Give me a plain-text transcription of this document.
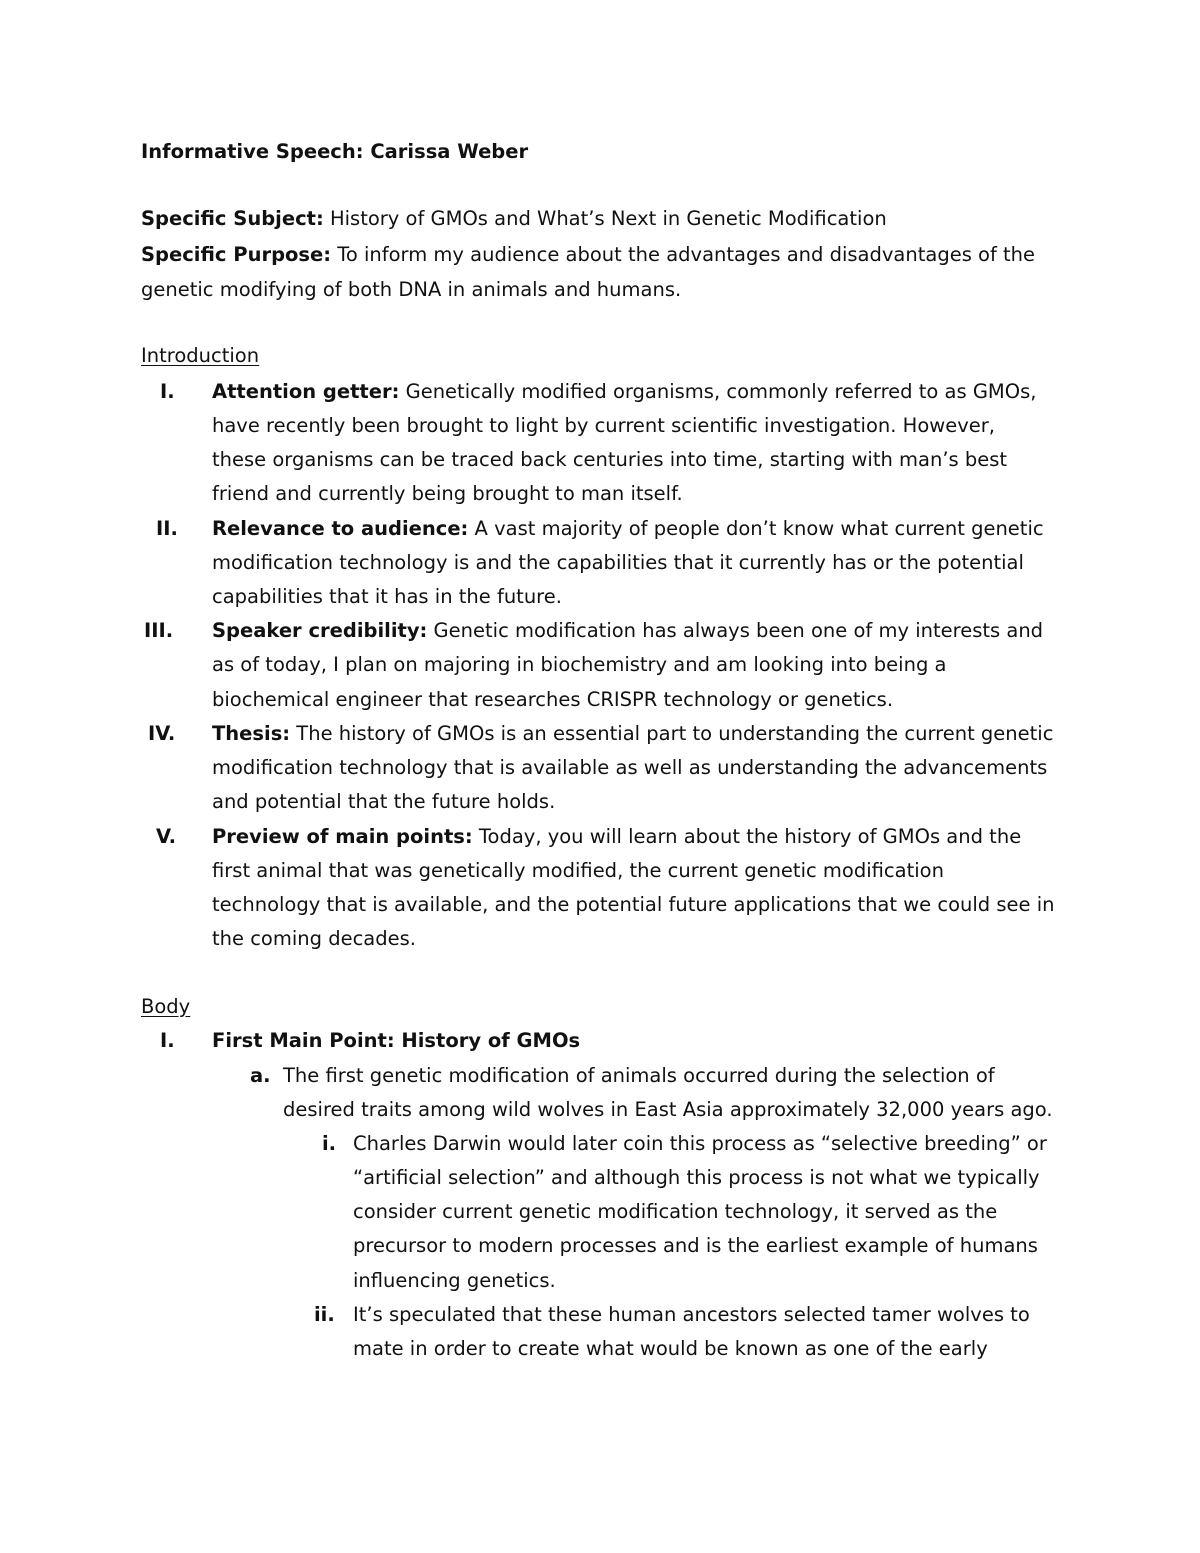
Informative Speech: Carissa Weber
Specific Subject: History of GMOs and What’s Next in Genetic Modification
Specific Purpose: To inform my audience about the advantages and disadvantages of the
genetic modifying of both DNA in animals and humans.
Introduction
I. Attention getter: Genetically modified organisms, commonly referred to as GMOs,
have recently been brought to light by current scientific investigation. However,
these organisms can be traced back centuries into time, starting with man’s best
friend and currently being brought to man itself.
II. Relevance to audience: A vast majority of people don’t know what current genetic
modification technology is and the capabilities that it currently has or the potential
capabilities that it has in the future.
III. Speaker credibility: Genetic modification has always been one of my interests and
as of today, I plan on majoring in biochemistry and am looking into being a
biochemical engineer that researches CRISPR technology or genetics.
IV. Thesis: The history of GMOs is an essential part to understanding the current genetic
modification technology that is available as well as understanding the advancements
and potential that the future holds.
V. Preview of main points: Today, you will learn about the history of GMOs and the
first animal that was genetically modified, the current genetic modification
technology that is available, and the potential future applications that we could see in
the coming decades.
Body
I. First Main Point: History of GMOs
a. The first genetic modification of animals occurred during the selection of
desired traits among wild wolves in East Asia approximately 32,000 years ago.
i. Charles Darwin would later coin this process as “selective breeding” or
“artificial selection” and although this process is not what we typically
consider current genetic modification technology, it served as the
precursor to modern processes and is the earliest example of humans
influencing genetics.
ii. It’s speculated that these human ancestors selected tamer wolves to
mate in order to create what would be known as one of the early
